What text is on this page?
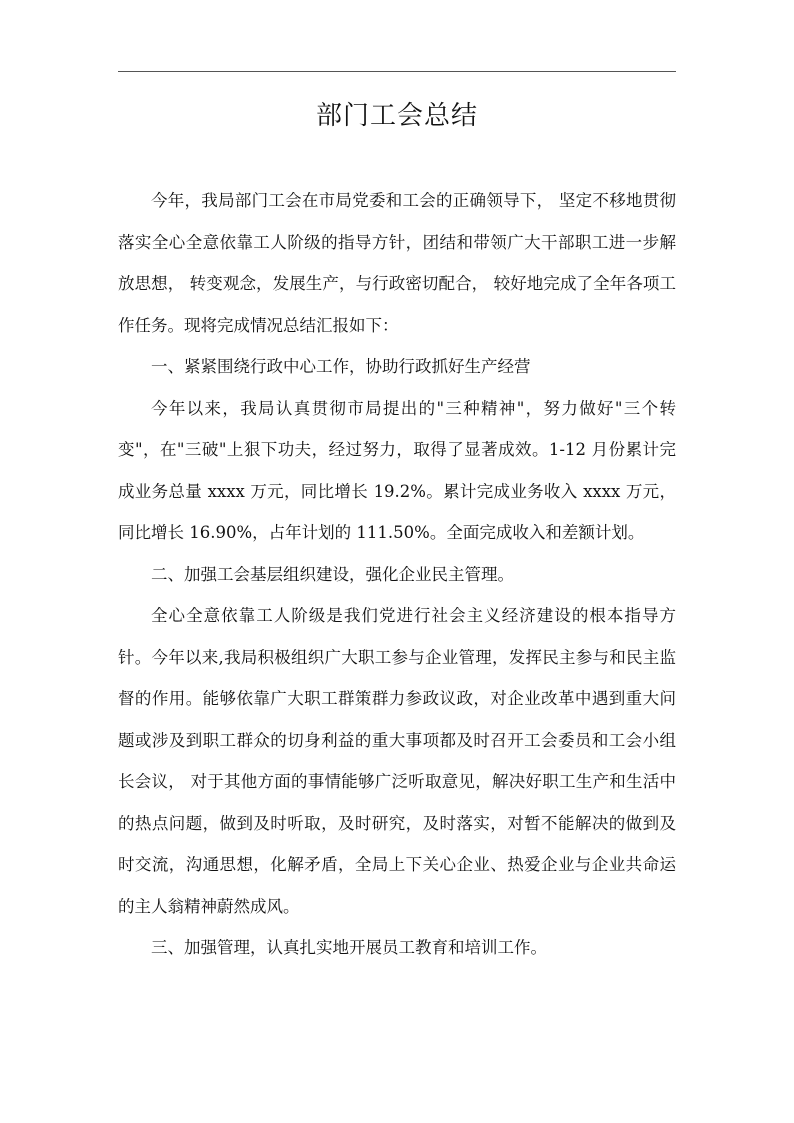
部门工会总结

今年，我局部门工会在市局党委和工会的正确领导下， 坚定不移地贯彻落实全心全意依靠工人阶级的指导方针，团结和带领广大干部职工进一步解放思想， 转变观念，发展生产，与行政密切配合， 较好地完成了全年各项工作任务。现将完成情况总结汇报如下：

一、紧紧围绕行政中心工作，协助行政抓好生产经营

今年以来，我局认真贯彻市局提出的"三种精神"，努力做好"三个转变"，在"三破"上狠下功夫，经过努力，取得了显著成效。1-12 月份累计完成业务总量 xxxx 万元，同比增长 19.2%。累计完成业务收入 xxxx 万元，同比增长 16.90%，占年计划的 111.50%。全面完成收入和差额计划。

二、加强工会基层组织建设，强化企业民主管理。

全心全意依靠工人阶级是我们党进行社会主义经济建设的根本指导方针。今年以来,我局积极组织广大职工参与企业管理，发挥民主参与和民主监督的作用。能够依靠广大职工群策群力参政议政，对企业改革中遇到重大问题或涉及到职工群众的切身利益的重大事项都及时召开工会委员和工会小组长会议， 对于其他方面的事情能够广泛听取意见，解决好职工生产和生活中的热点问题，做到及时听取，及时研究，及时落实，对暂不能解决的做到及时交流，沟通思想，化解矛盾，全局上下关心企业、热爱企业与企业共命运的主人翁精神蔚然成风。

三、加强管理，认真扎实地开展员工教育和培训工作。
